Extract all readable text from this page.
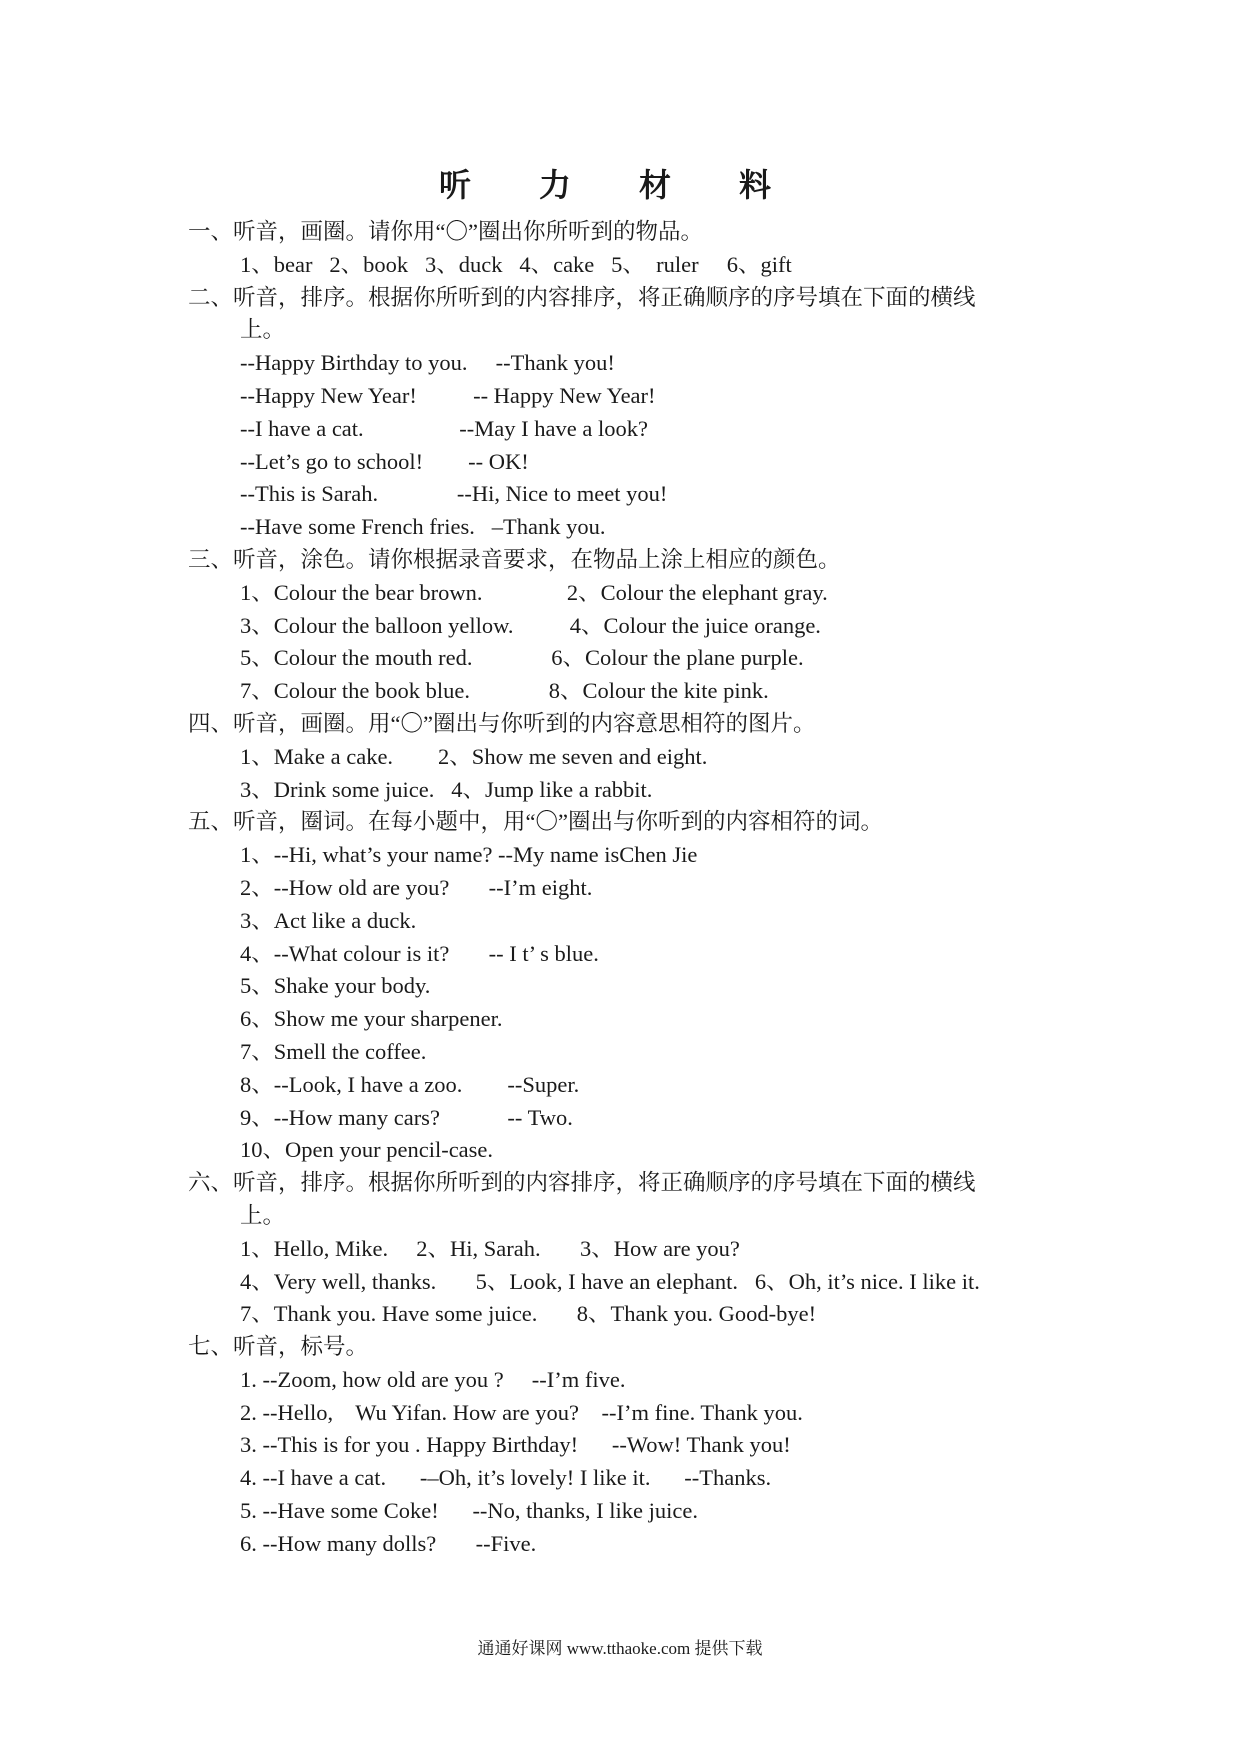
听 力 材 料
一、听音，画圈。请你用“〇”圈出你所听到的物品。
1、bear   2、book   3、duck   4、cake   5、  ruler     6、gift
二、听音，排序。根据你所听到的内容排序，将正确顺序的序号填在下面的横线
上。
--Happy Birthday to you.     --Thank you!
--Happy New Year!          -- Happy New Year!
--I have a cat.                 --May I have a look?
--Let’s go to school!        -- OK!
--This is Sarah.              --Hi, Nice to meet you!
--Have some French fries.   –Thank you.
三、听音，涂色。请你根据录音要求，在物品上涂上相应的颜色。
1、Colour the bear brown.               2、Colour the elephant gray.
3、Colour the balloon yellow.          4、Colour the juice orange.
5、Colour the mouth red.              6、Colour the plane purple.
7、Colour the book blue.              8、Colour the kite pink.
四、听音，画圈。用“〇”圈出与你听到的内容意思相符的图片。
1、Make a cake.        2、Show me seven and eight.
3、Drink some juice.   4、Jump like a rabbit.
五、听音，圈词。在每小题中，用“〇”圈出与你听到的内容相符的词。
1、--Hi, what’s your name? --My name isChen Jie
2、--How old are you?       --I’m eight.
3、Act like a duck.
4、--What colour is it?       -- I t’ s blue.
5、Shake your body.
6、Show me your sharpener.
7、Smell the coffee.
8、--Look, I have a zoo.        --Super.
9、--How many cars?            -- Two.
10、Open your pencil-case.
六、听音，排序。根据你所听到的内容排序，将正确顺序的序号填在下面的横线
上。
1、Hello, Mike.     2、Hi, Sarah.       3、How are you?
4、Very well, thanks.       5、Look, I have an elephant.   6、Oh, it’s nice. I like it.
7、Thank you. Have some juice.       8、Thank you. Good-bye!
七、听音，标号。
1. --Zoom, how old are you ?     --I’m five.
2. --Hello,    Wu Yifan. How are you?    --I’m fine. Thank you.
3. --This is for you . Happy Birthday!      --Wow! Thank you!
4. --I have a cat.      -–Oh, it’s lovely! I like it.      --Thanks.
5. --Have some Coke!      --No, thanks, I like juice.
6. --How many dolls?       --Five.
通通好课网 www.tthaoke.com 提供下载
